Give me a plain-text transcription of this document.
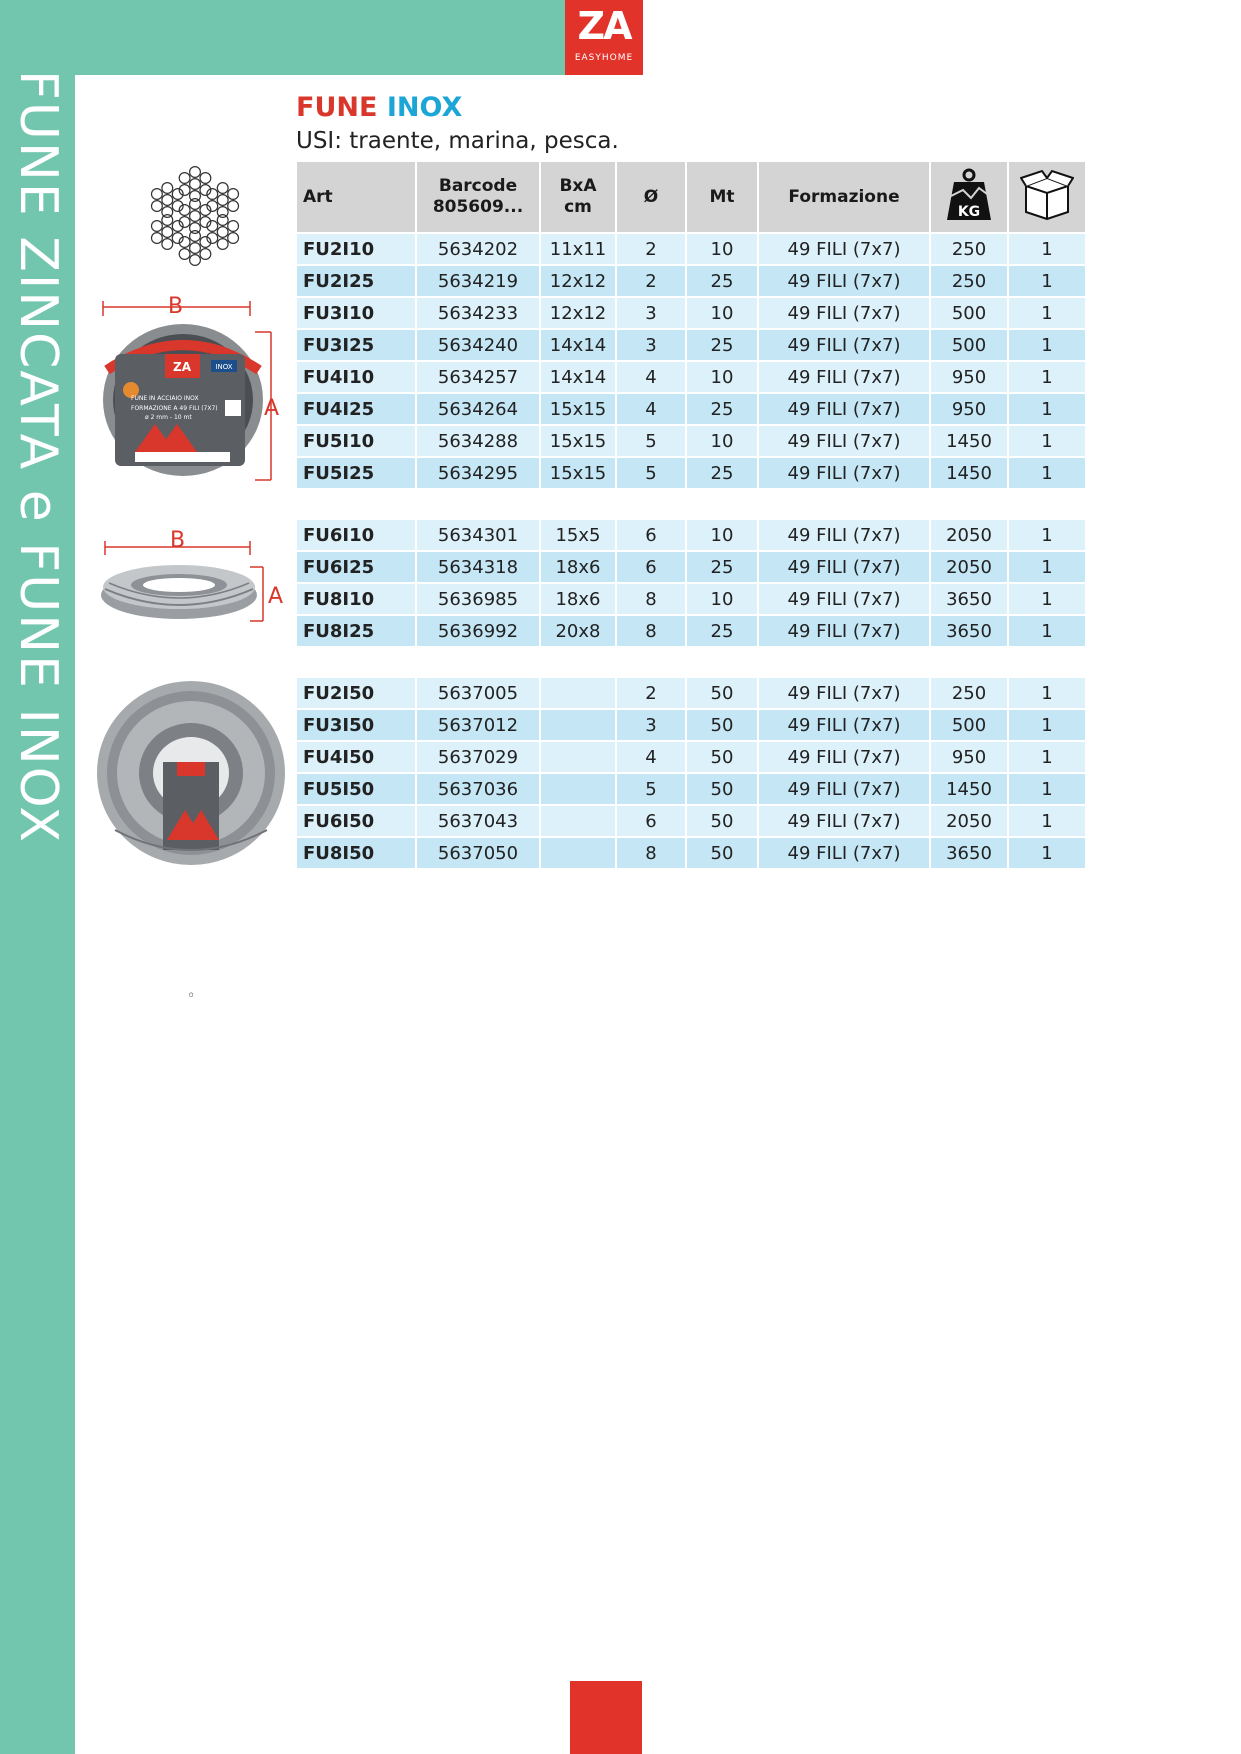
FUNE ZINCATA e FUNE INOX
ZA
EASYHOME
FUNE INOX
USI: traente, marina, pesca.
ZA	INOX
FUNE IN ACCIAIO INOX
FORMAZIONE A 49 FILI (7X7)
ø 2 mm - 10 mt
B
A
B
A
Art	Barcode 805609...	BxA cm	Ø	Mt	Formazione	KG

FU2I10	5634202	11x11	2	10	49 FILI (7x7)	250	1
FU2I25	5634219	12x12	2	25	49 FILI (7x7)	250	1
FU3I10	5634233	12x12	3	10	49 FILI (7x7)	500	1
FU3I25	5634240	14x14	3	25	49 FILI (7x7)	500	1
FU4I10	5634257	14x14	4	10	49 FILI (7x7)	950	1
FU4I25	5634264	15x15	4	25	49 FILI (7x7)	950	1
FU5I10	5634288	15x15	5	10	49 FILI (7x7)	1450	1
FU5I25	5634295	15x15	5	25	49 FILI (7x7)	1450	1

FU6I10	5634301	15x5	6	10	49 FILI (7x7)	2050	1
FU6I25	5634318	18x6	6	25	49 FILI (7x7)	2050	1
FU8I10	5636985	18x6	8	10	49 FILI (7x7)	3650	1
FU8I25	5636992	20x8	8	25	49 FILI (7x7)	3650	1

FU2I50	5637005		2	50	49 FILI (7x7)	250	1
FU3I50	5637012		3	50	49 FILI (7x7)	500	1
FU4I50	5637029		4	50	49 FILI (7x7)	950	1
FU5I50	5637036		5	50	49 FILI (7x7)	1450	1
FU6I50	5637043		6	50	49 FILI (7x7)	2050	1
FU8I50	5637050		8	50	49 FILI (7x7)	3650	1
◦
